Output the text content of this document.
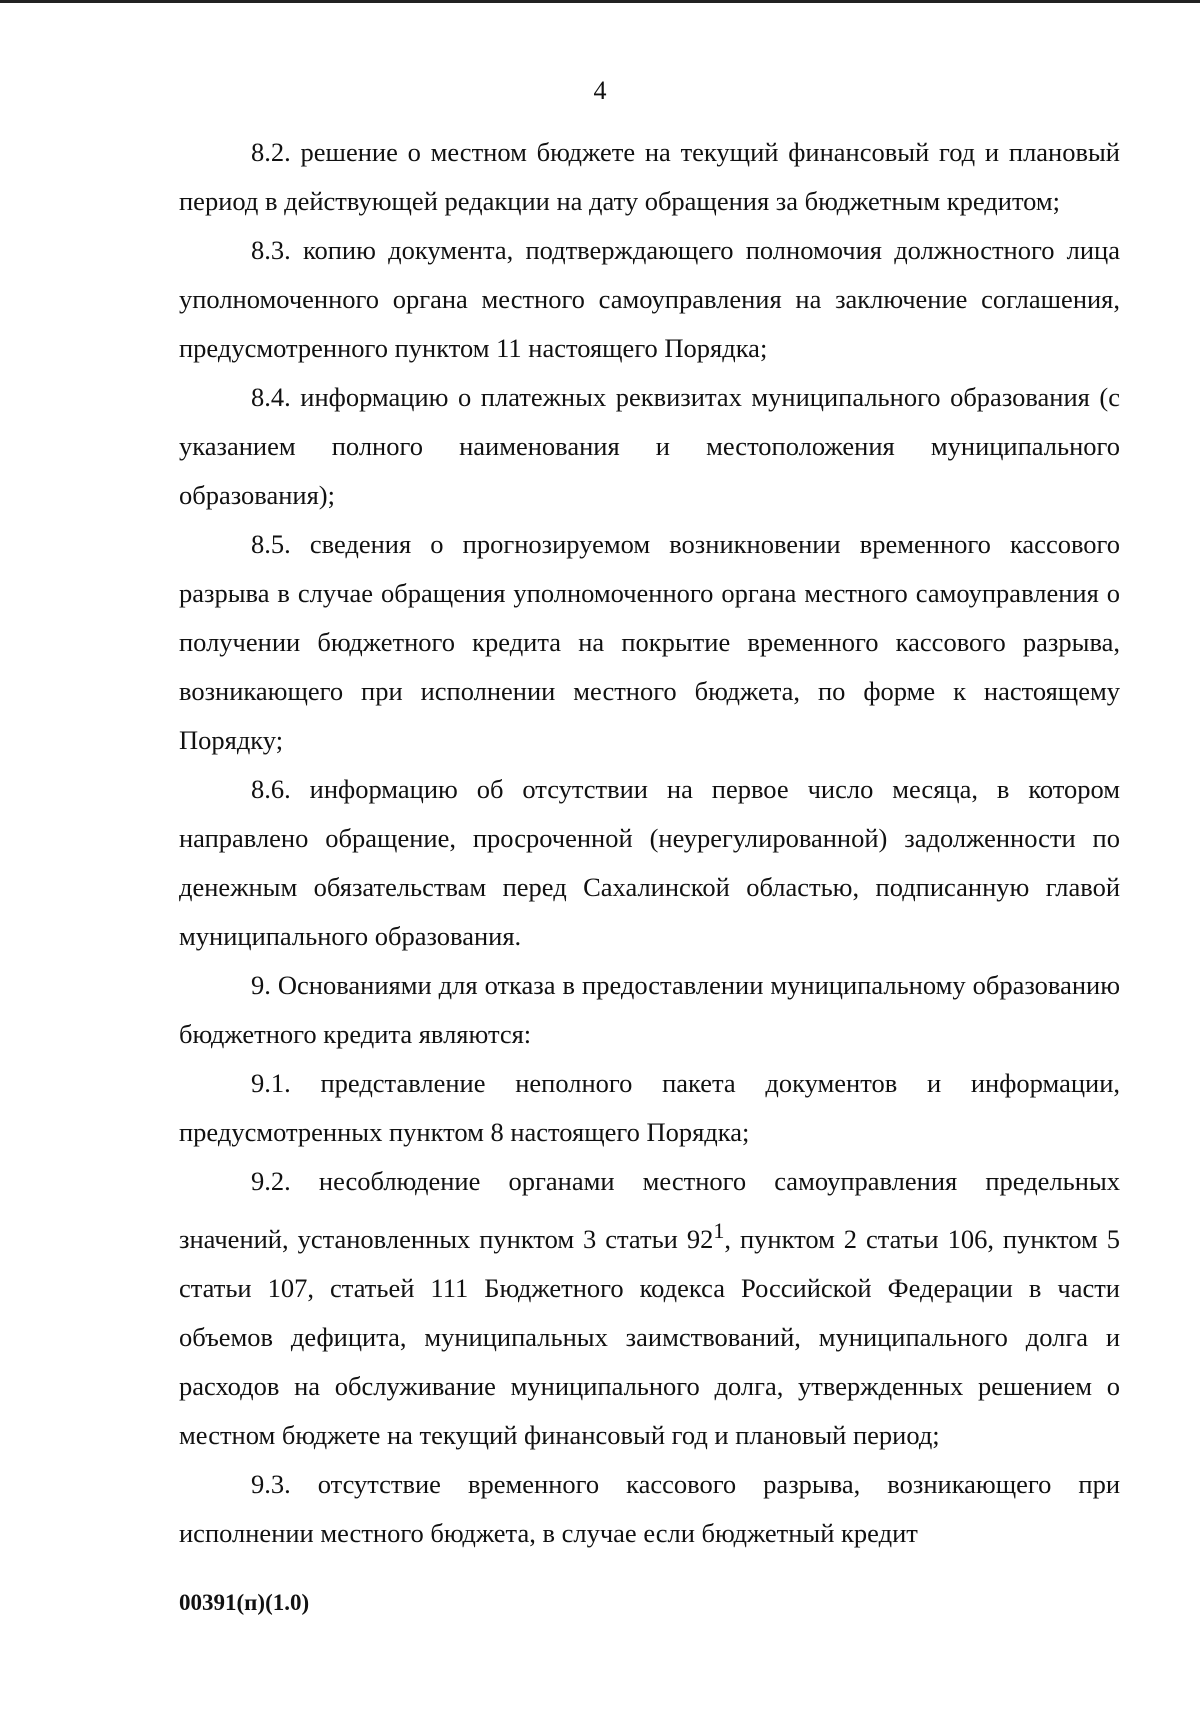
4

8.2. решение о местном бюджете на текущий финансовый год и плановый период в действующей редакции на дату обращения за бюджетным кредитом;

8.3. копию документа, подтверждающего полномочия должностного лица уполномоченного органа местного самоуправления на заключение соглашения, предусмотренного пунктом 11 настоящего Порядка;

8.4. информацию о платежных реквизитах муниципального образования (с указанием полного наименования и местоположения муниципального образования);

8.5. сведения о прогнозируемом возникновении временного кассового разрыва в случае обращения уполномоченного органа местного самоуправления о получении бюджетного кредита на покрытие временного кассового разрыва, возникающего при исполнении местного бюджета, по форме к настоящему Порядку;

8.6. информацию об отсутствии на первое число месяца, в котором направлено обращение, просроченной (неурегулированной) задолженности по денежным обязательствам перед Сахалинской областью, подписанную главой муниципального образования.

9. Основаниями для отказа в предоставлении муниципальному образованию бюджетного кредита являются:

9.1. представление неполного пакета документов и информации, предусмотренных пунктом 8 настоящего Порядка;

9.2. несоблюдение органами местного самоуправления предельных значений, установленных пунктом 3 статьи $92^1$, пунктом 2 статьи 106, пунктом 5 статьи 107, статьей 111 Бюджетного кодекса Российской Федерации в части объемов дефицита, муниципальных заимствований, муниципального долга и расходов на обслуживание муниципального долга, утвержденных решением о местном бюджете на текущий финансовый год и плановый период;

9.3. отсутствие временного кассового разрыва, возникающего при исполнении местного бюджета, в случае если бюджетный кредит

00391(п)(1.0)
